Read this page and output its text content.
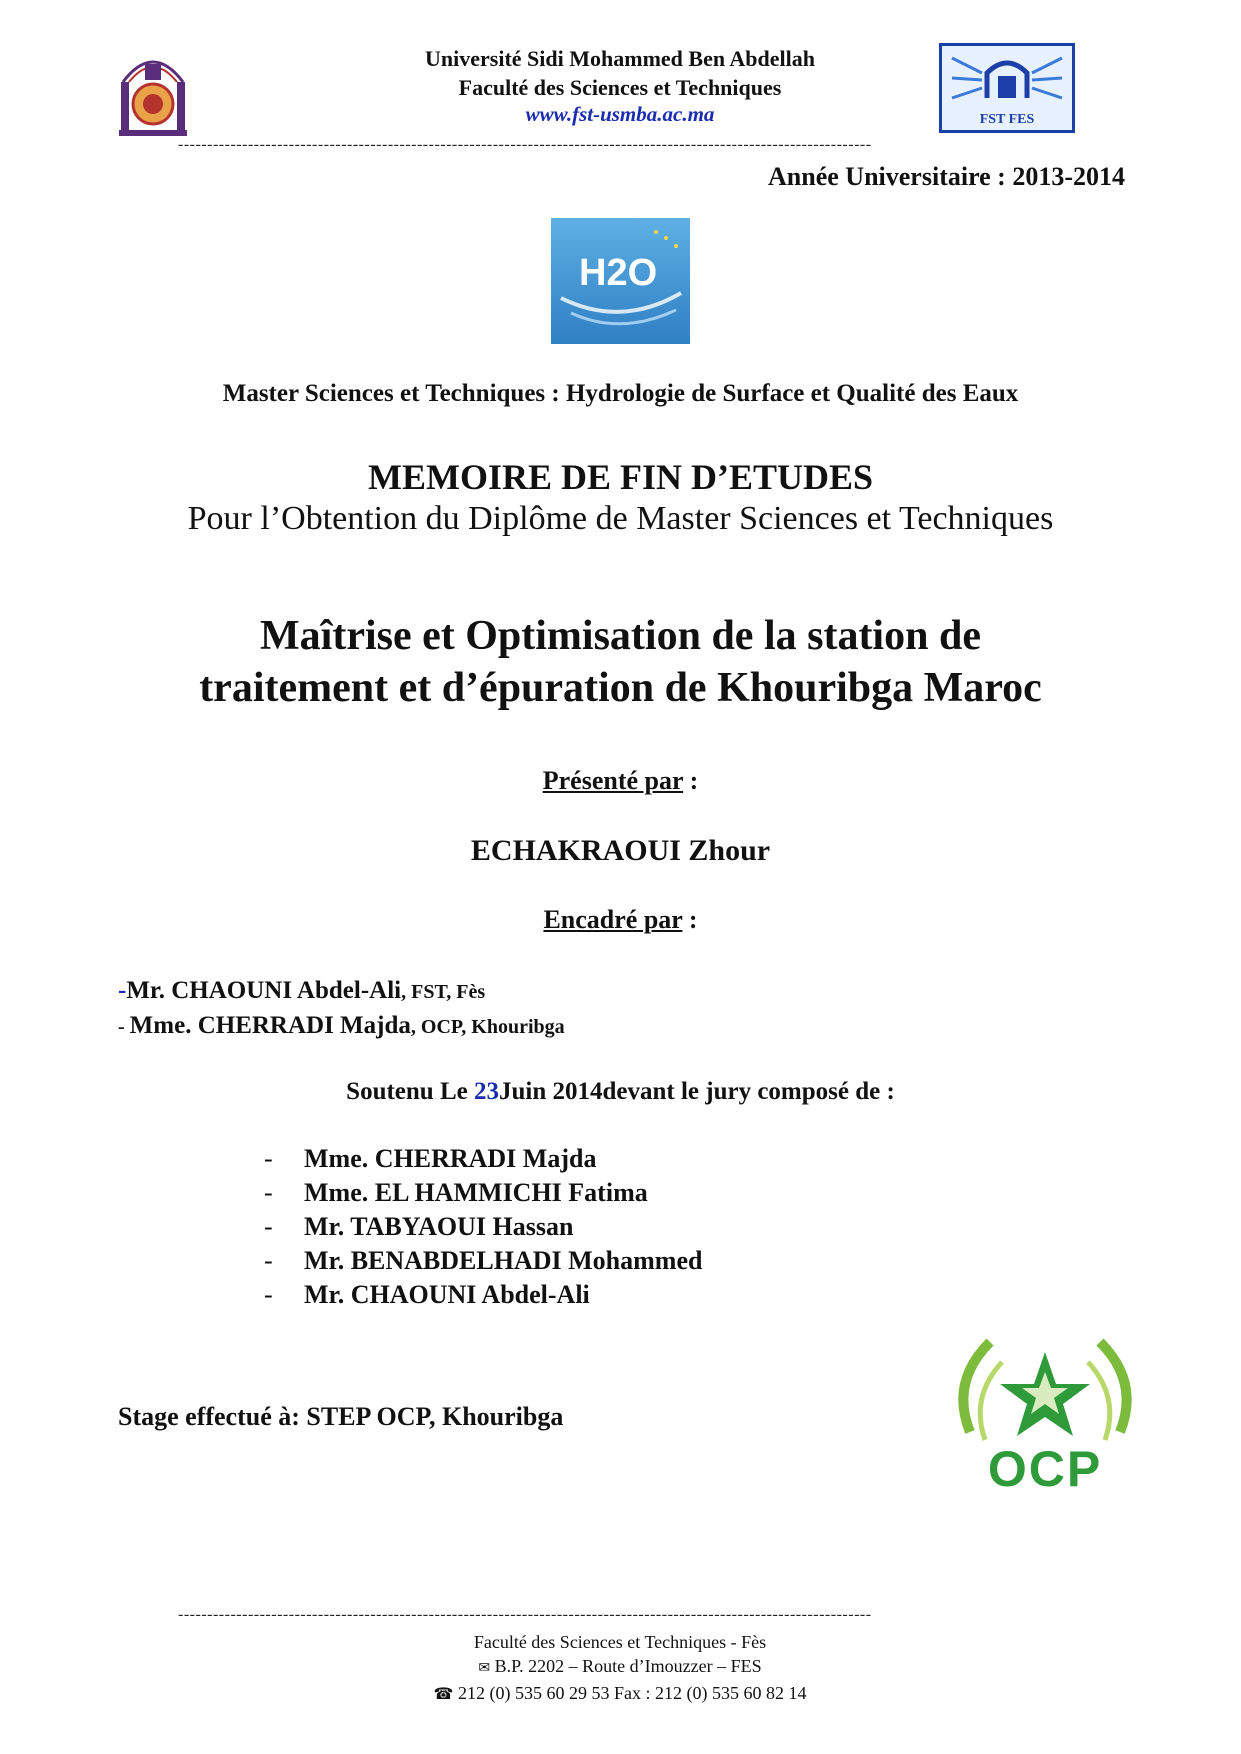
Université Sidi Mohammed Ben Abdellah
Faculté des Sciences et Techniques
www.fst-usmba.ac.ma	FST FES
-----------------------------------------------------------------------------------------------------------------------
Année Universitaire : 2013-2014
H2O
Master Sciences et Techniques : Hydrologie de Surface et Qualité des Eaux
MEMOIRE DE FIN D’ETUDES
Pour l’Obtention du Diplôme de Master Sciences et Techniques
Maîtrise et Optimisation de la station de
traitement et d’épuration de Khouribga Maroc
Présenté par :
ECHAKRAOUI Zhour
Encadré par :
-Mr. CHAOUNI Abdel-Ali, FST, Fès
- Mme. CHERRADI Majda, OCP, Khouribga
Soutenu Le 23Juin 2014devant le jury composé de :
- Mme. CHERRADI Majda
- Mme. EL HAMMICHI Fatima
- Mr. TABYAOUI Hassan
- Mr. BENABDELHADI Mohammed
- Mr. CHAOUNI Abdel-Ali
Stage effectué à: STEP OCP, Khouribga
OCP
-----------------------------------------------------------------------------------------------------------------------
Faculté des Sciences et Techniques - Fès
✉ B.P. 2202 – Route d’Imouzzer – FES
☎ 212 (0) 535 60 29 53 Fax : 212 (0) 535 60 82 14
